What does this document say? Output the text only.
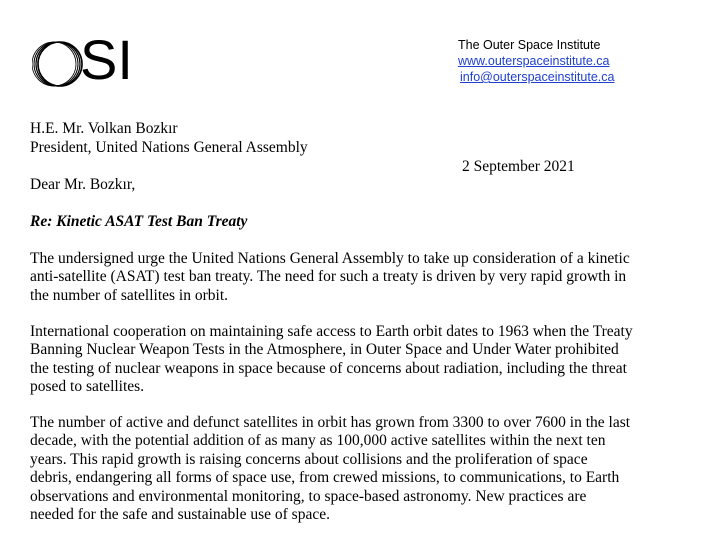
SI	The Outer Space Institute
www.outerspaceinstitute.ca
info@outerspaceinstitute.ca
H.E. Mr. Volkan Bozkır
President, United Nations General Assembly
2 September 2021
Dear Mr. Bozkır,
Re: Kinetic ASAT Test Ban Treaty
The undersigned urge the United Nations General Assembly to take up consideration of a kinetic
anti-satellite (ASAT) test ban treaty. The need for such a treaty is driven by very rapid growth in
the number of satellites in orbit.
International cooperation on maintaining safe access to Earth orbit dates to 1963 when the Treaty
Banning Nuclear Weapon Tests in the Atmosphere, in Outer Space and Under Water prohibited
the testing of nuclear weapons in space because of concerns about radiation, including the threat
posed to satellites.
The number of active and defunct satellites in orbit has grown from 3300 to over 7600 in the last
decade, with the potential addition of as many as 100,000 active satellites within the next ten
years. This rapid growth is raising concerns about collisions and the proliferation of space
debris, endangering all forms of space use, from crewed missions, to communications, to Earth
observations and environmental monitoring, to space-based astronomy. New practices are
needed for the safe and sustainable use of space.
